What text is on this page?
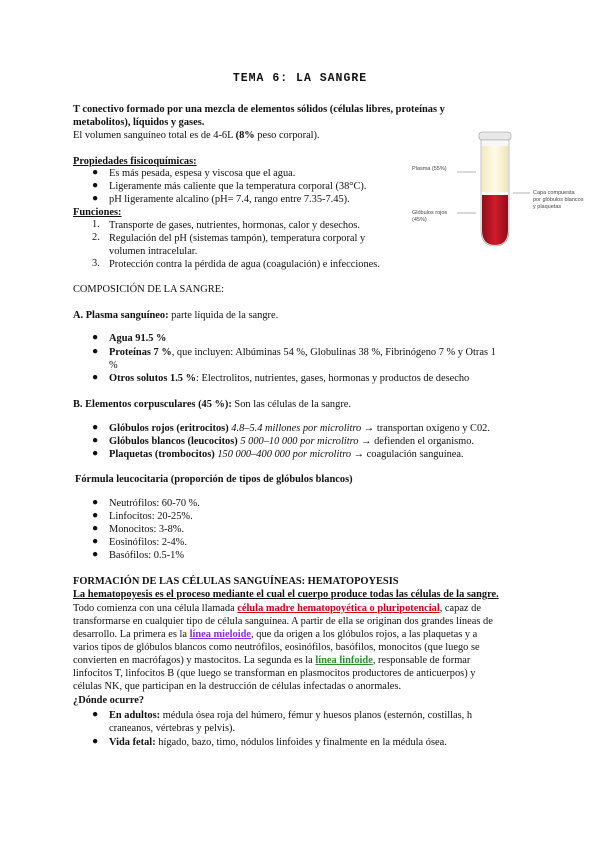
TEMA 6: LA SANGRE
T conectivo formado por una mezcla de elementos sólidos (células libres, proteínas y
metabolitos), líquidos y gases.
El volumen sanguíneo total es de 4-6L (8% peso corporal).
Plasma (55%)
Glóbulos rojos
(45%)
Capa compuesta
por glóbulos blancos
y plaquetas
Propiedades fisicoquímicas:
● Es más pesada, espesa y viscosa que el agua.
● Ligeramente más caliente que la temperatura corporal (38°C).
● pH ligeramente alcalino (pH= 7.4, rango entre 7.35-7.45).
Funciones:
1. Transporte de gases, nutrientes, hormonas, calor y desechos.
2. Regulación del pH (sistemas tampón), temperatura corporal y
volumen intracelular.
3. Protección contra la pérdida de agua (coagulación) e infecciones.
COMPOSICIÓN DE LA SANGRE:
A. Plasma sanguíneo: parte líquida de la sangre.
● Agua 91.5 %
● Proteínas 7 %, que incluyen: Albúminas 54 %, Globulinas 38 %, Fibrinógeno 7 % y Otras 1
%
● Otros solutos 1.5 %: Electrolitos, nutrientes, gases, hormonas y productos de desecho
B. Elementos corpusculares (45 %): Son las células de la sangre.
● Glóbulos rojos (eritrocitos) 4.8–5.4 millones por microlitro → transportan oxígeno y C02.
● Glóbulos blancos (leucocitos) 5 000–10 000 por microlitro → defienden el organismo.
● Plaquetas (trombocitos) 150 000–400 000 por microlitro → coagulación sanguínea.
Fórmula leucocitaria (proporción de tipos de glóbulos blancos)
● Neutrófilos: 60-70 %.
● Linfocitos: 20-25%.
● Monocitos: 3-8%.
● Eosinófilos: 2-4%.
● Basófilos: 0.5-1%
FORMACIÓN DE LAS CÉLULAS SANGUÍNEAS: HEMATOPOYESIS
La hematopoyesis es el proceso mediante el cual el cuerpo produce todas las células de la sangre.
Todo comienza con una célula llamada célula madre hematopoyética o pluripotencial, capaz de
transformarse en cualquier tipo de célula sanguínea. A partir de ella se originan dos grandes líneas de
desarrollo. La primera es la línea mieloide, que da origen a los glóbulos rojos, a las plaquetas y a
varios tipos de glóbulos blancos como neutrófilos, eosinófilos, basófilos, monocitos (que luego se
convierten en macrófagos) y mastocitos. La segunda es la línea linfoide, responsable de formar
linfocitos T, linfocitos B (que luego se transforman en plasmocitos productores de anticuerpos) y
células NK, que participan en la destrucción de células infectadas o anormales.
¿Dónde ocurre?
● En adultos: médula ósea roja del húmero, fémur y huesos planos (esternón, costillas, h
craneanos, vértebras y pelvis).
● Vida fetal: hígado, bazo, timo, nódulos linfoides y finalmente en la médula ósea.
